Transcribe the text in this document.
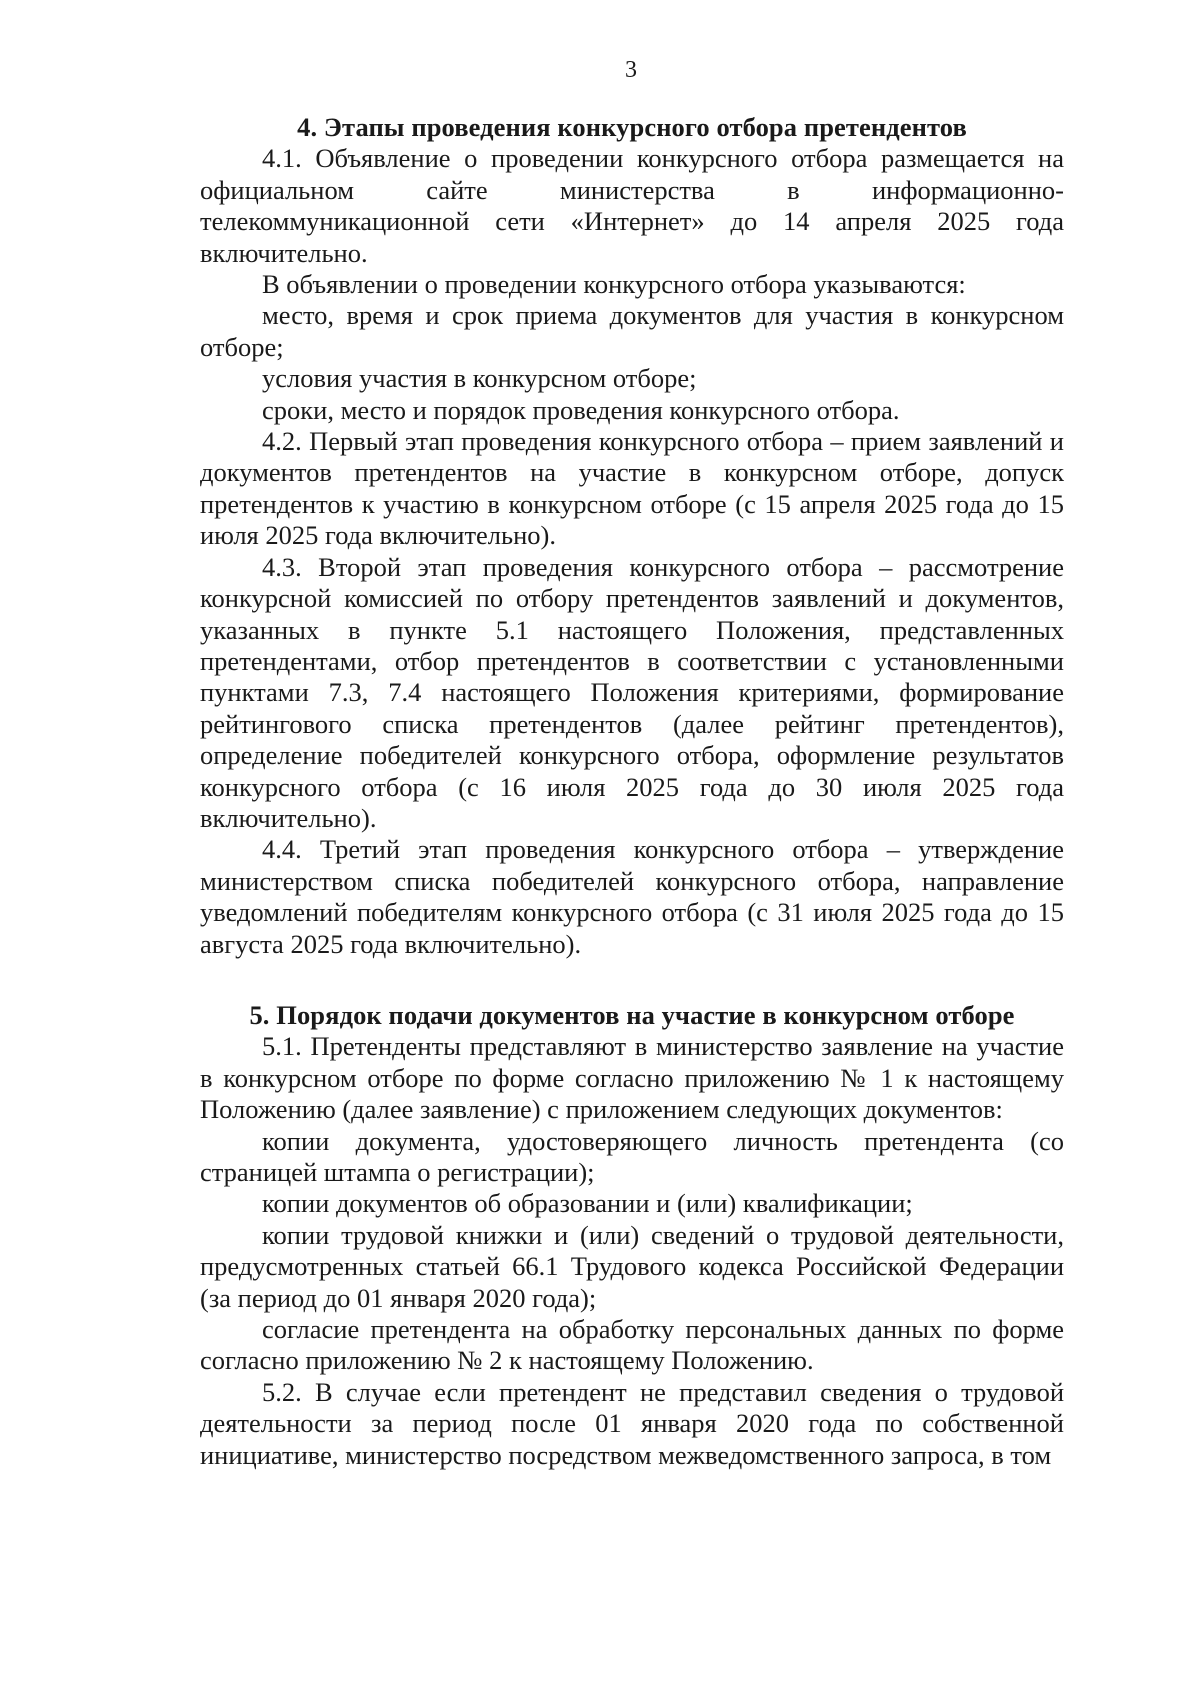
3

4. Этапы проведения конкурсного отбора претендентов

4.1. Объявление о проведении конкурсного отбора размещается на официальном сайте министерства в информационно-телекоммуникационной сети «Интернет» до 14 апреля 2025 года включительно.

В объявлении о проведении конкурсного отбора указываются:

место, время и срок приема документов для участия в конкурсном отборе;

условия участия в конкурсном отборе;

сроки, место и порядок проведения конкурсного отбора.

4.2. Первый этап проведения конкурсного отбора – прием заявлений и документов претендентов на участие в конкурсном отборе, допуск претендентов к участию в конкурсном отборе (с 15 апреля 2025 года до 15 июля 2025 года включительно).

4.3. Второй этап проведения конкурсного отбора – рассмотрение конкурсной комиссией по отбору претендентов заявлений и документов, указанных в пункте 5.1 настоящего Положения, представленных претендентами, отбор претендентов в соответствии с установленными пунктами 7.3, 7.4 настоящего Положения критериями, формирование рейтингового списка претендентов (далее рейтинг претендентов), определение победителей конкурсного отбора, оформление результатов конкурсного отбора (с 16 июля 2025 года до 30 июля 2025 года включительно).

4.4. Третий этап проведения конкурсного отбора – утверждение министерством списка победителей конкурсного отбора, направление уведомлений победителям конкурсного отбора (с 31 июля 2025 года до 15 августа 2025 года включительно).

5. Порядок подачи документов на участие в конкурсном отборе

5.1. Претенденты представляют в министерство заявление на участие в конкурсном отборе по форме согласно приложению № 1 к настоящему Положению (далее заявление) с приложением следующих документов:

копии документа, удостоверяющего личность претендента (со страницей штампа о регистрации);

копии документов об образовании и (или) квалификации;

копии трудовой книжки и (или) сведений о трудовой деятельности, предусмотренных статьей 66.1 Трудового кодекса Российской Федерации (за период до 01 января 2020 года);

согласие претендента на обработку персональных данных по форме согласно приложению № 2 к настоящему Положению.

5.2. В случае если претендент не представил сведения о трудовой деятельности за период после 01 января 2020 года по собственной инициативе, министерство посредством межведомственного запроса, в том
